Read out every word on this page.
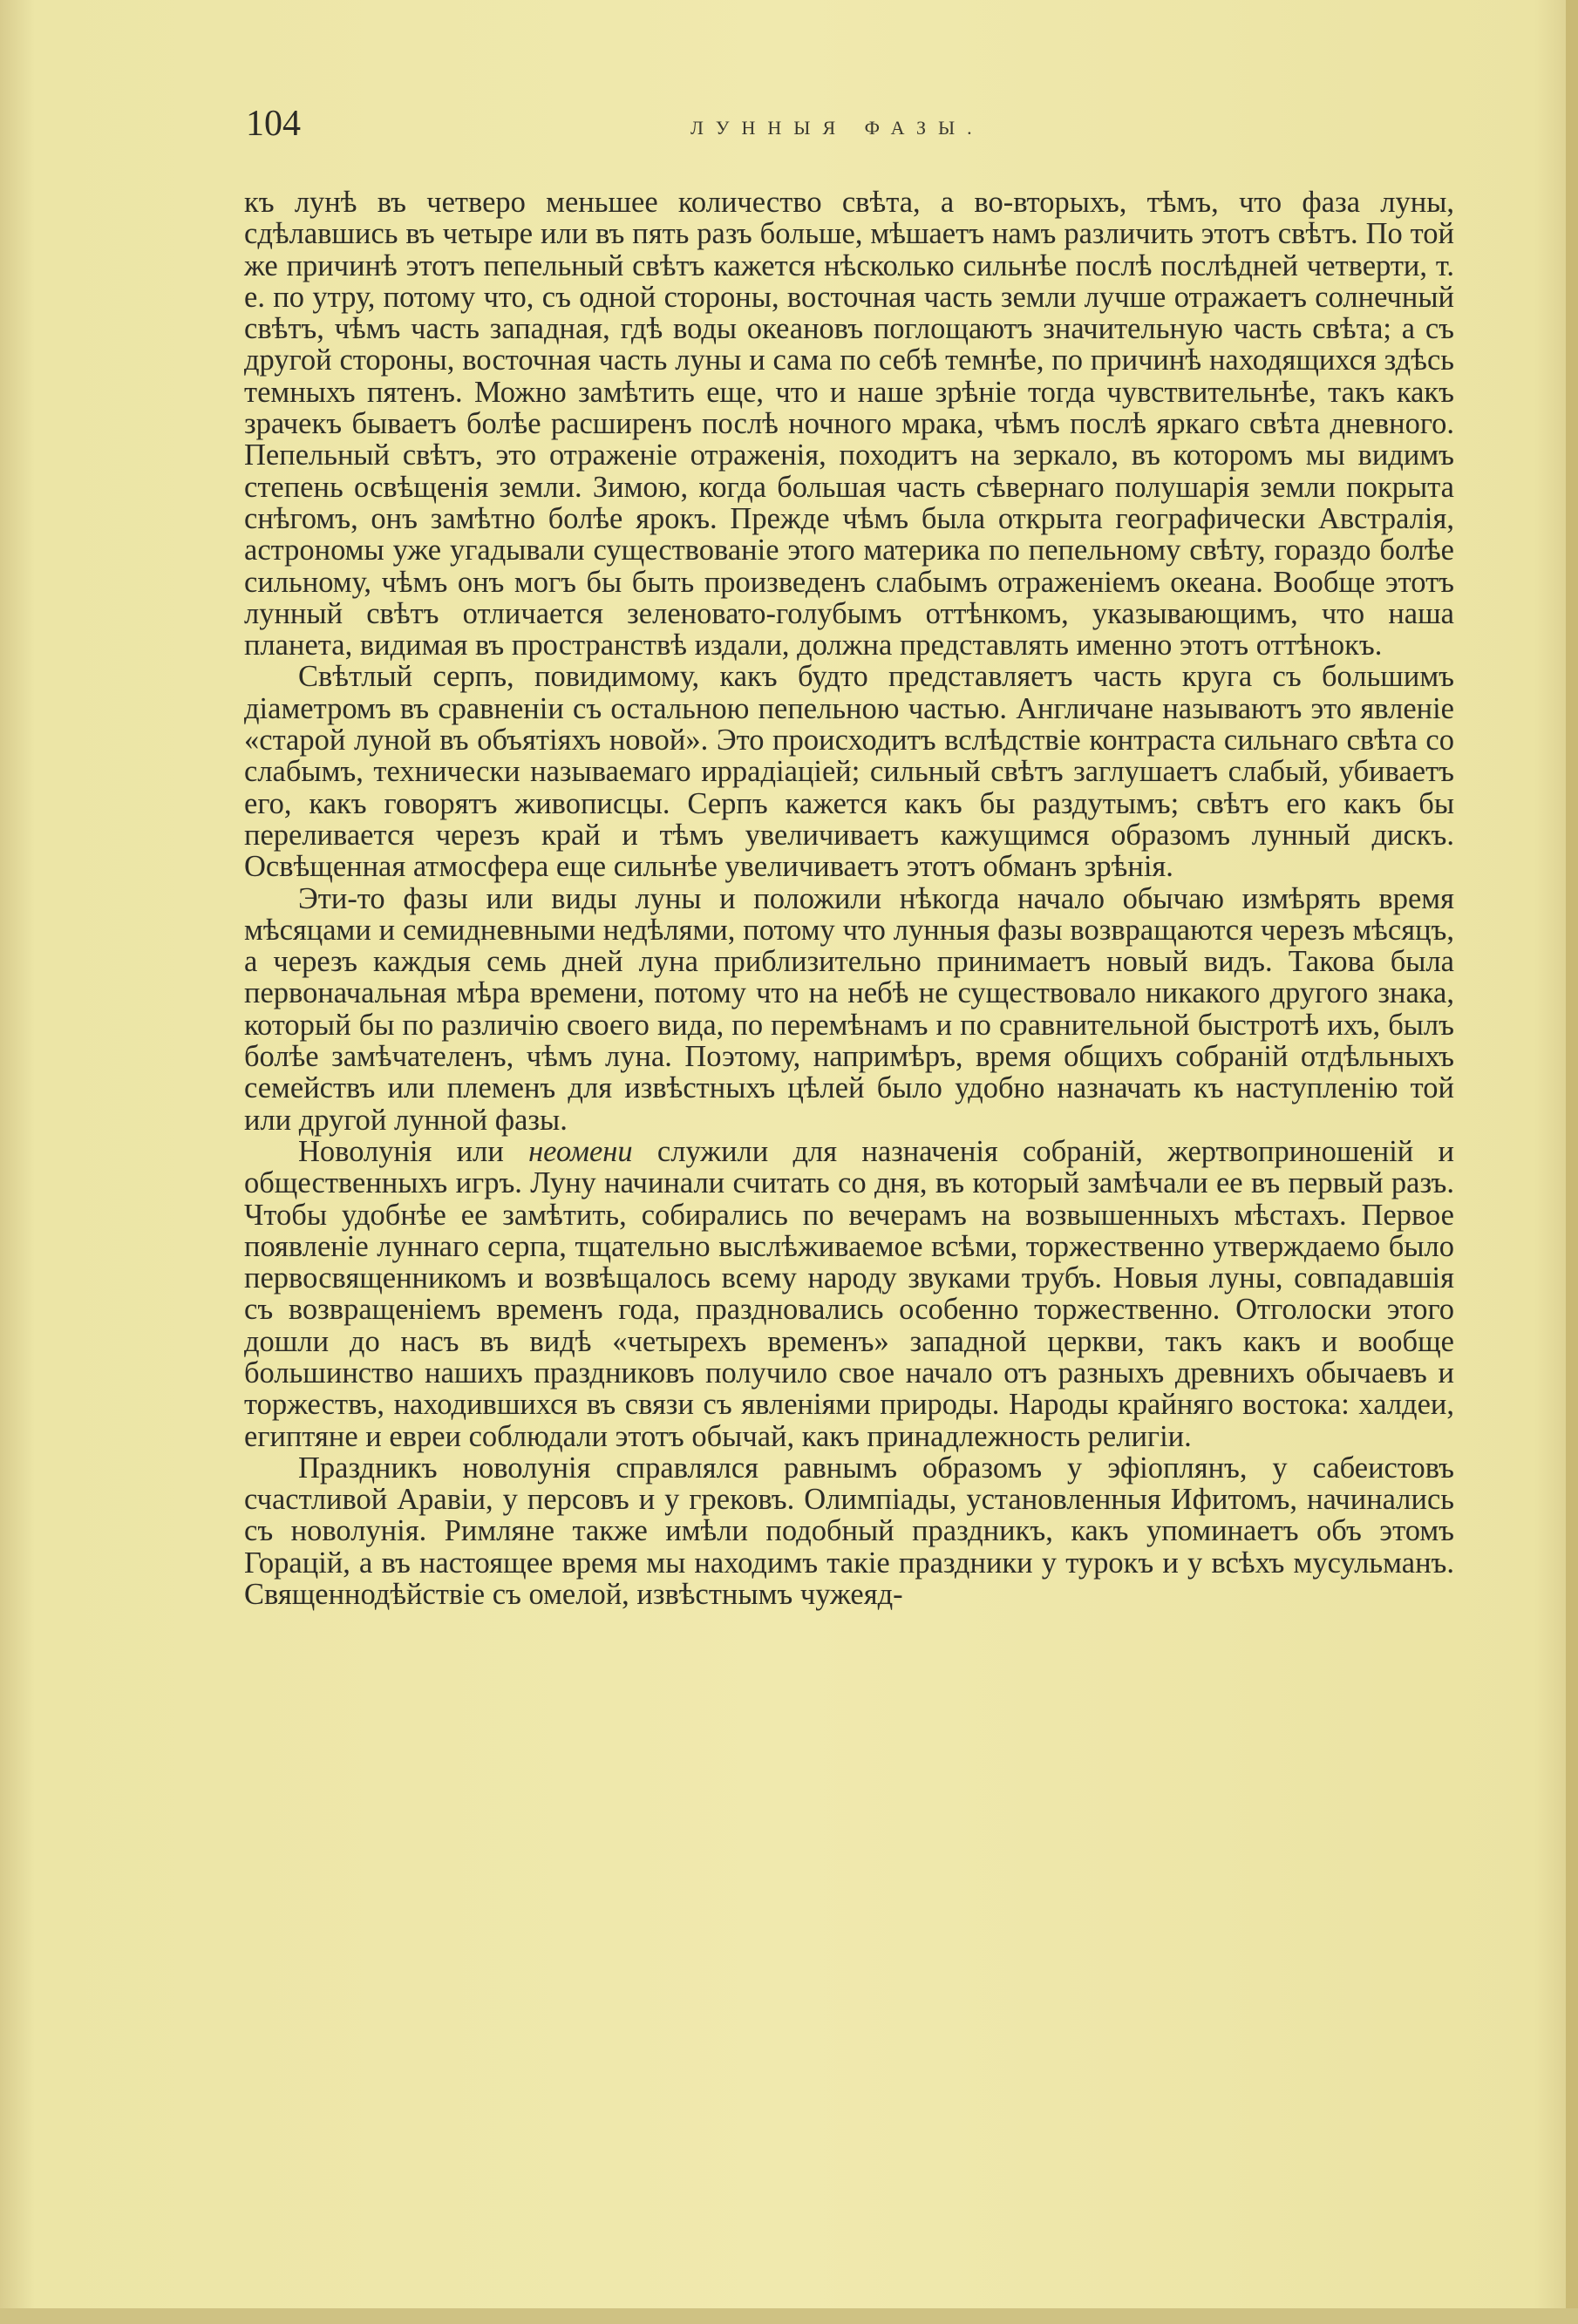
104	ЛУННЫЯ ФАЗЫ.

къ лунѣ въ четверо меньшее количество свѣта, а во-вторыхъ, тѣмъ, что фаза луны, сдѣлавшись въ четыре или въ пять разъ больше, мѣшаетъ намъ различить этотъ свѣтъ. По той же причинѣ этотъ пепельный свѣтъ кажется нѣсколько сильнѣе послѣ послѣдней четверти, т. е. по утру, потому что, съ одной стороны, восточная часть земли лучше отражаетъ солнечный свѣтъ, чѣмъ часть западная, гдѣ воды океановъ поглощаютъ значительную часть свѣта; а съ другой стороны, восточная часть луны и сама по себѣ темнѣе, по причинѣ находящихся здѣсь темныхъ пятенъ. Можно замѣтить еще, что и наше зрѣніе тогда чувствительнѣе, такъ какъ зрачекъ бываетъ болѣе расширенъ послѣ ночного мрака, чѣмъ послѣ яркаго свѣта дневного. Пепельный свѣтъ, это отраженіе отраженія, походитъ на зеркало, въ которомъ мы видимъ степень освѣщенія земли. Зимою, когда большая часть сѣвернаго полушарія земли покрыта снѣгомъ, онъ замѣтно болѣе ярокъ. Прежде чѣмъ была открыта географически Австралія, астрономы уже угадывали существованіе этого материка по пепельному свѣту, гораздо болѣе сильному, чѣмъ онъ могъ бы быть произведенъ слабымъ отраженіемъ океана. Вообще этотъ лунный свѣтъ отличается зеленовато-голубымъ оттѣнкомъ, указывающимъ, что наша планета, видимая въ пространствѣ издали, должна представлять именно этотъ оттѣнокъ.

Свѣтлый серпъ, повидимому, какъ будто представляетъ часть круга съ большимъ діаметромъ въ сравненіи съ остальною пепельною частью. Англичане называютъ это явленіе «старой луной въ объятіяхъ новой». Это происходитъ вслѣдствіе контраста сильнаго свѣта со слабымъ, технически называемаго иррадіаціей; сильный свѣтъ заглушаетъ слабый, убиваетъ его, какъ говорятъ живописцы. Серпъ кажется какъ бы раздутымъ; свѣтъ его какъ бы переливается черезъ край и тѣмъ увеличиваетъ кажущимся образомъ лунный дискъ. Освѣщенная атмосфера еще сильнѣе увеличиваетъ этотъ обманъ зрѣнія.

Эти-то фазы или виды луны и положили нѣкогда начало обычаю измѣрять время мѣсяцами и семидневными недѣлями, потому что лунныя фазы возвращаются черезъ мѣсяцъ, а черезъ каждыя семь дней луна приблизительно принимаетъ новый видъ. Такова была первоначальная мѣра времени, потому что на небѣ не существовало никакого другого знака, который бы по различію своего вида, по перемѣнамъ и по сравнительной быстротѣ ихъ, былъ болѣе замѣчателенъ, чѣмъ луна. Поэтому, напримѣръ, время общихъ собраній отдѣльныхъ семействъ или племенъ для извѣстныхъ цѣлей было удобно назначать къ наступленію той или другой лунной фазы.

Новолунія или неомени служили для назначенія собраній, жертвоприношеній и общественныхъ игръ. Луну начинали считать со дня, въ который замѣчали ее въ первый разъ. Чтобы удобнѣе ее замѣтить, собирались по вечерамъ на возвышенныхъ мѣстахъ. Первое появленіе луннаго серпа, тщательно выслѣживаемое всѣми, торжественно утверждаемо было первосвященникомъ и возвѣщалось всему народу звуками трубъ. Новыя луны, совпадавшія съ возвращеніемъ временъ года, праздновались особенно торжественно. Отголоски этого дошли до насъ въ видѣ «четырехъ временъ» западной церкви, такъ какъ и вообще большинство нашихъ праздниковъ получило свое начало отъ разныхъ древнихъ обычаевъ и торжествъ, находившихся въ связи съ явленіями природы. Народы крайняго востока: халдеи, египтяне и евреи соблюдали этотъ обычай, какъ принадлежность религіи.

Праздникъ новолунія справлялся равнымъ образомъ у эфіоплянъ, у сабеистовъ счастливой Аравіи, у персовъ и у грековъ. Олимпіады, установленныя Ифитомъ, начинались съ новолунія. Римляне также имѣли подобный праздникъ, какъ упоминаетъ объ этомъ Горацій, а въ настоящее время мы находимъ такіе праздники у турокъ и у всѣхъ мусульманъ. Священнодѣйствіе съ омелой, извѣстнымъ чужеяд-
